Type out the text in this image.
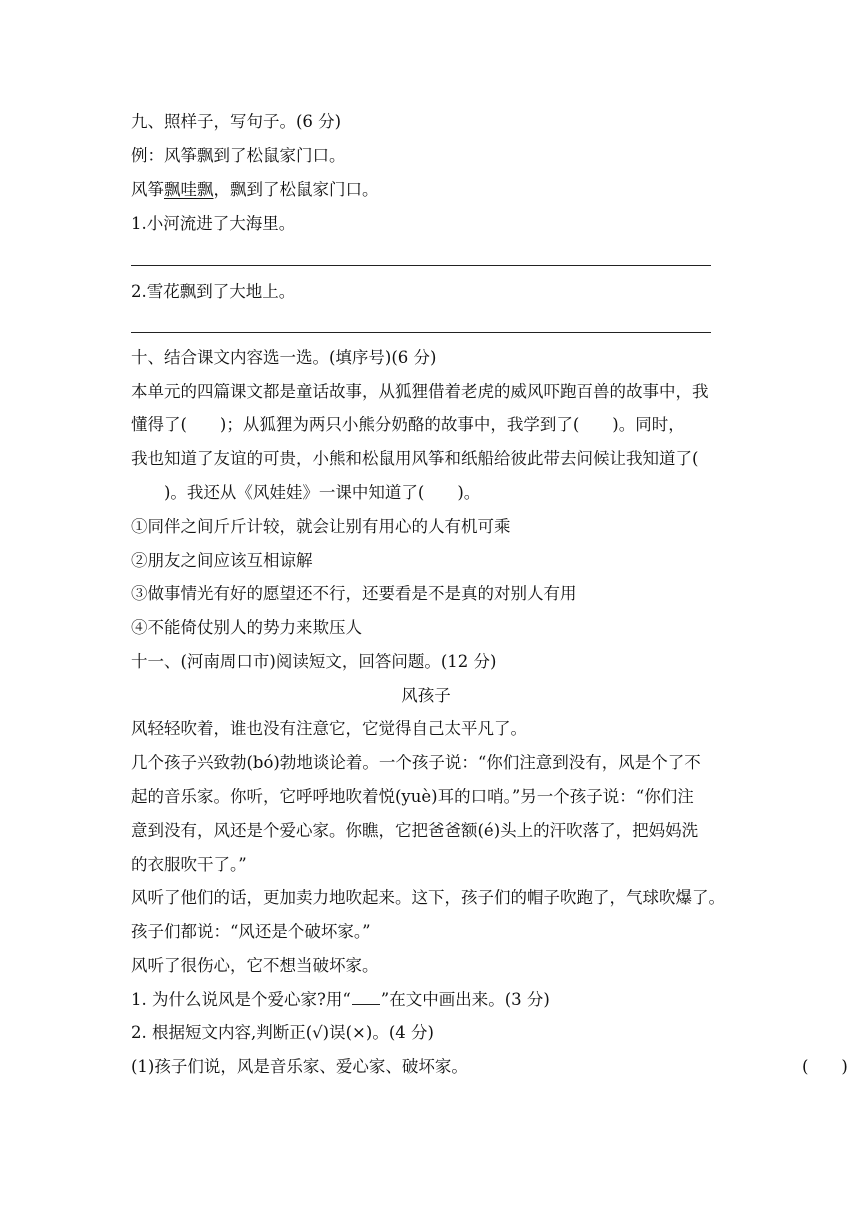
九、照样子，写句子。(6 分)
例：风筝飘到了松鼠家门口。
风筝飘哇飘，飘到了松鼠家门口。
1.小河流进了大海里。
2.雪花飘到了大地上。
十、结合课文内容选一选。(填序号)(6 分)
本单元的四篇课文都是童话故事，从狐狸借着老虎的威风吓跑百兽的故事中，我
懂得了(　　)；从狐狸为两只小熊分奶酪的故事中，我学到了(　　)。同时，
我也知道了友谊的可贵，小熊和松鼠用风筝和纸船给彼此带去问候让我知道了(
　　)。我还从《风娃娃》一课中知道了(　　)。
①同伴之间斤斤计较，就会让别有用心的人有机可乘
②朋友之间应该互相谅解
③做事情光有好的愿望还不行，还要看是不是真的对别人有用
④不能倚仗别人的势力来欺压人
十一、(河南周口市)阅读短文，回答问题。(12 分)
风孩子
风轻轻吹着，谁也没有注意它，它觉得自己太平凡了。
几个孩子兴致勃(bó)勃地谈论着。一个孩子说：“你们注意到没有，风是个了不
起的音乐家。你听，它呼呼地吹着悦(yuè)耳的口哨。”另一个孩子说：“你们注
意到没有，风还是个爱心家。你瞧，它把爸爸额(é)头上的汗吹落了，把妈妈洗
的衣服吹干了。”
风听了他们的话，更加卖力地吹起来。这下，孩子们的帽子吹跑了，气球吹爆了。
孩子们都说：“风还是个破坏家。”
风听了很伤心，它不想当破坏家。
1. 为什么说风是个爱心家?用“ ”在文中画出来。(3 分)
2. 根据短文内容,判断正(√)误(×)。(4 分)
(1)孩子们说，风是音乐家、爱心家、破坏家。	(　　)
